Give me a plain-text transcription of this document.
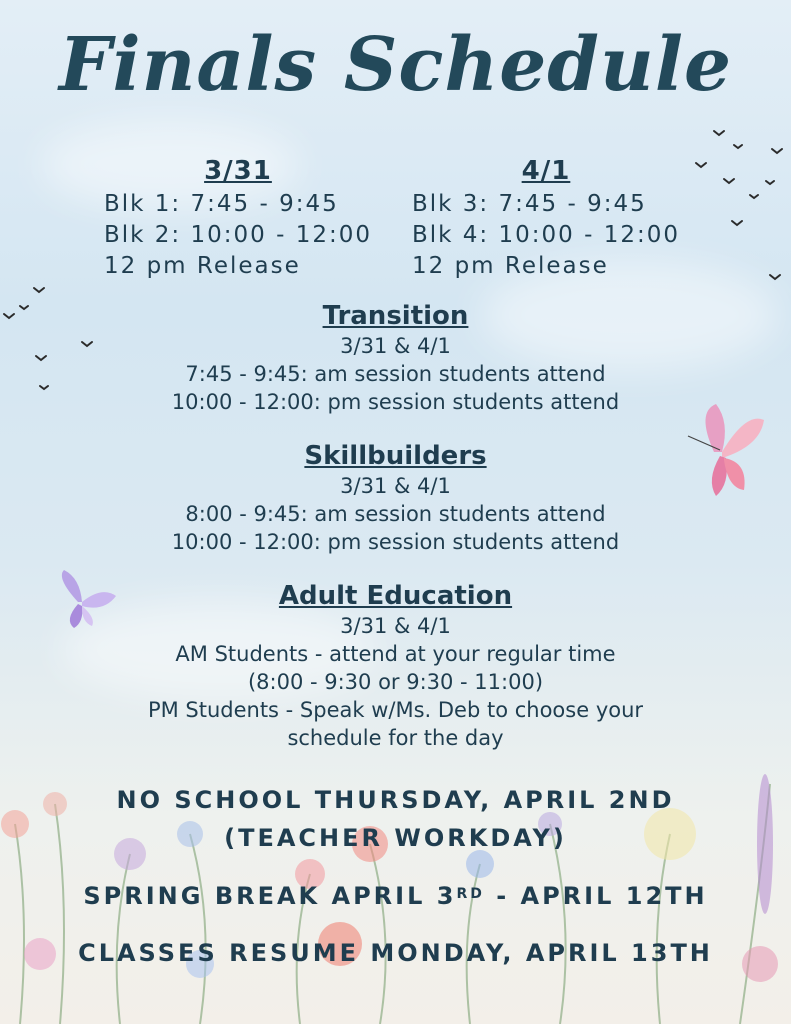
Finals Schedule
3/31
Blk 1: 7:45 - 9:45
Blk 2: 10:00 - 12:00
12 pm Release
4/1
Blk 3: 7:45 - 9:45
Blk 4: 10:00 - 12:00
12 pm Release
Transition
3/31 & 4/1
7:45 - 9:45: am session students attend
10:00 - 12:00: pm session students attend
Skillbuilders
3/31 & 4/1
8:00 - 9:45: am session students attend
10:00 - 12:00: pm session students attend
Adult Education
3/31 & 4/1
AM Students - attend at your regular time
(8:00 - 9:30 or 9:30 - 11:00)
PM Students - Speak w/Ms. Deb to choose your
schedule for the day
NO SCHOOL THURSDAY, APRIL 2ND
(TEACHER WORKDAY)
SPRING BREAK APRIL 3RD - APRIL 12TH
CLASSES RESUME MONDAY, APRIL 13TH
